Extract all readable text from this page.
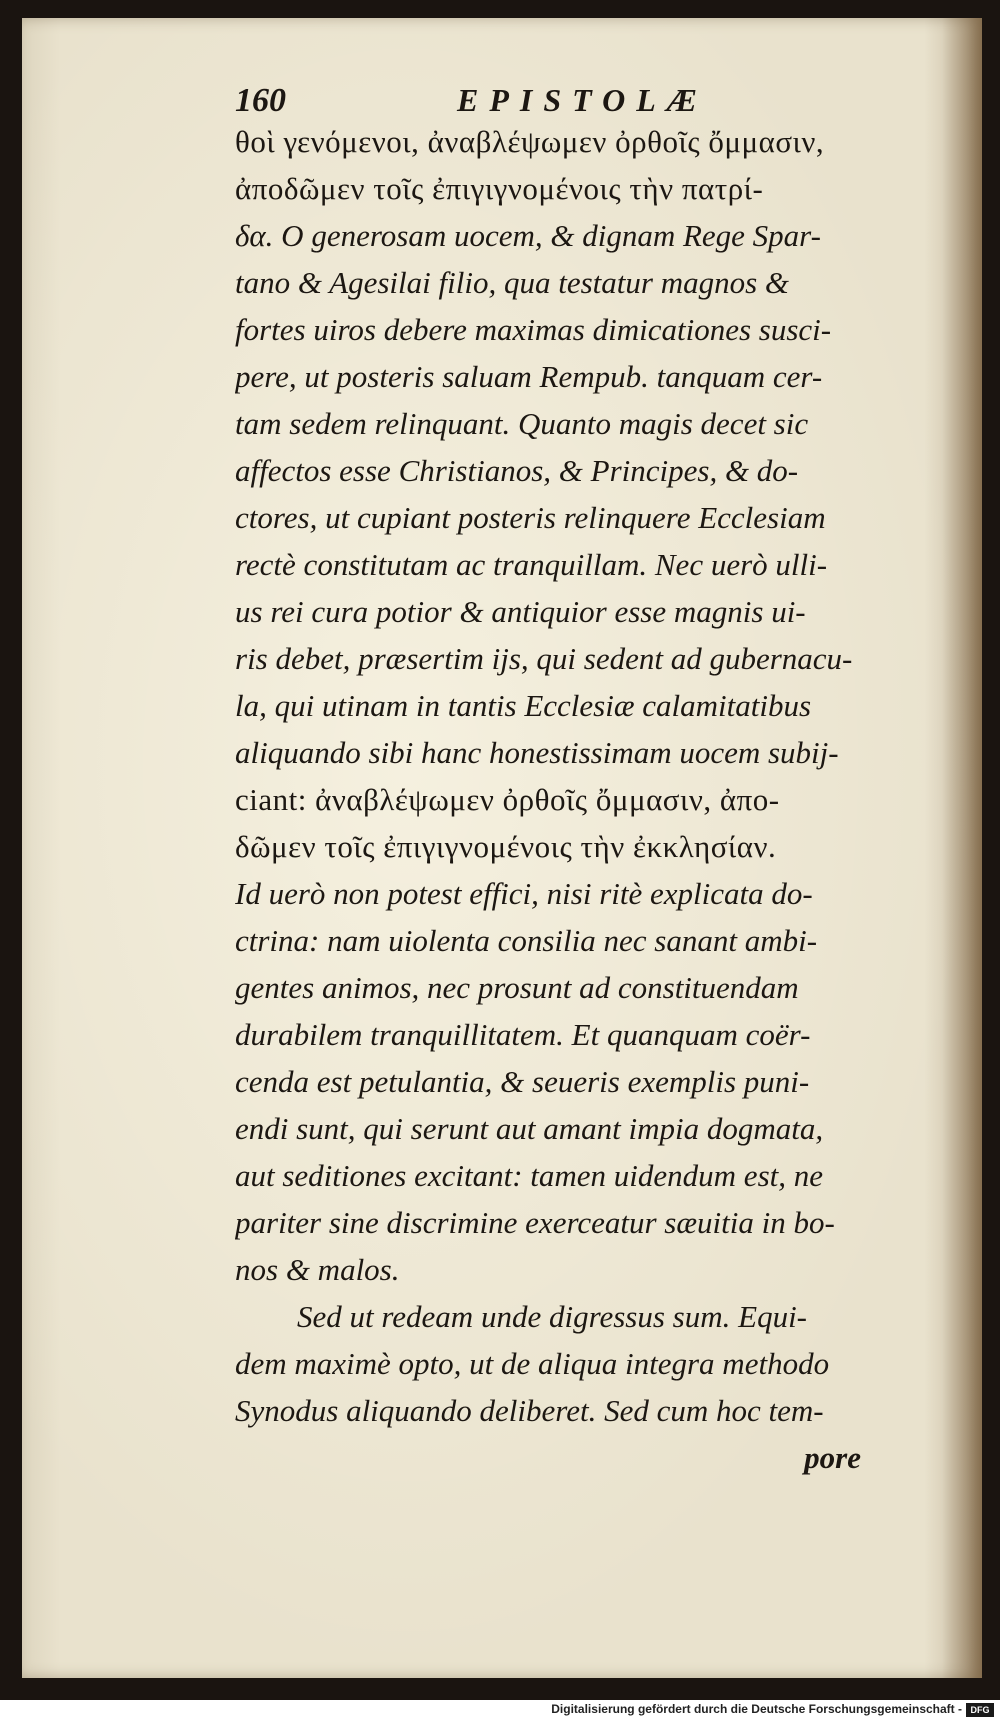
160	EPISTOLÆ
θοὶ γενόμενοι, ἀναβλέψωμεν ὀρθοῖς ὄμμασιν,
ἀποδῶμεν τοῖς ἐπιγιγνομένοις τὴν πατρί-
δα. O generosam uocem, & dignam Rege Spar-
tano & Agesilai filio, qua testatur magnos &
fortes uiros debere maximas dimicationes susci-
pere, ut posteris saluam Rempub. tanquam cer-
tam sedem relinquant. Quanto magis decet sic
affectos esse Christianos, & Principes, & do-
ctores, ut cupiant posteris relinquere Ecclesiam
rectè constitutam ac tranquillam. Nec uerò ulli-
us rei cura potior & antiquior esse magnis ui-
ris debet, præsertim ijs, qui sedent ad gubernacu-
la, qui utinam in tantis Ecclesiæ calamitatibus
aliquando sibi hanc honestissimam uocem subij-
ciant: ἀναβλέψωμεν ὀρθοῖς ὄμμασιν, ἀπο-
δῶμεν τοῖς ἐπιγιγνομένοις τὴν ἐκκλησίαν.
Id uerò non potest effici, nisi ritè explicata do-
ctrina: nam uiolenta consilia nec sanant ambi-
gentes animos, nec prosunt ad constituendam
durabilem tranquillitatem. Et quanquam coër-
cenda est petulantia, & seueris exemplis puni-
endi sunt, qui serunt aut amant impia dogmata,
aut seditiones excitant: tamen uidendum est, ne
pariter sine discrimine exerceatur sæuitia in bo-
nos & malos.
Sed ut redeam unde digressus sum. Equi-
dem maximè opto, ut de aliqua integra methodo
Synodus aliquando deliberet. Sed cum hoc tem-
pore
Digitalisierung gefördert durch die Deutsche Forschungsgemeinschaft - DFG
